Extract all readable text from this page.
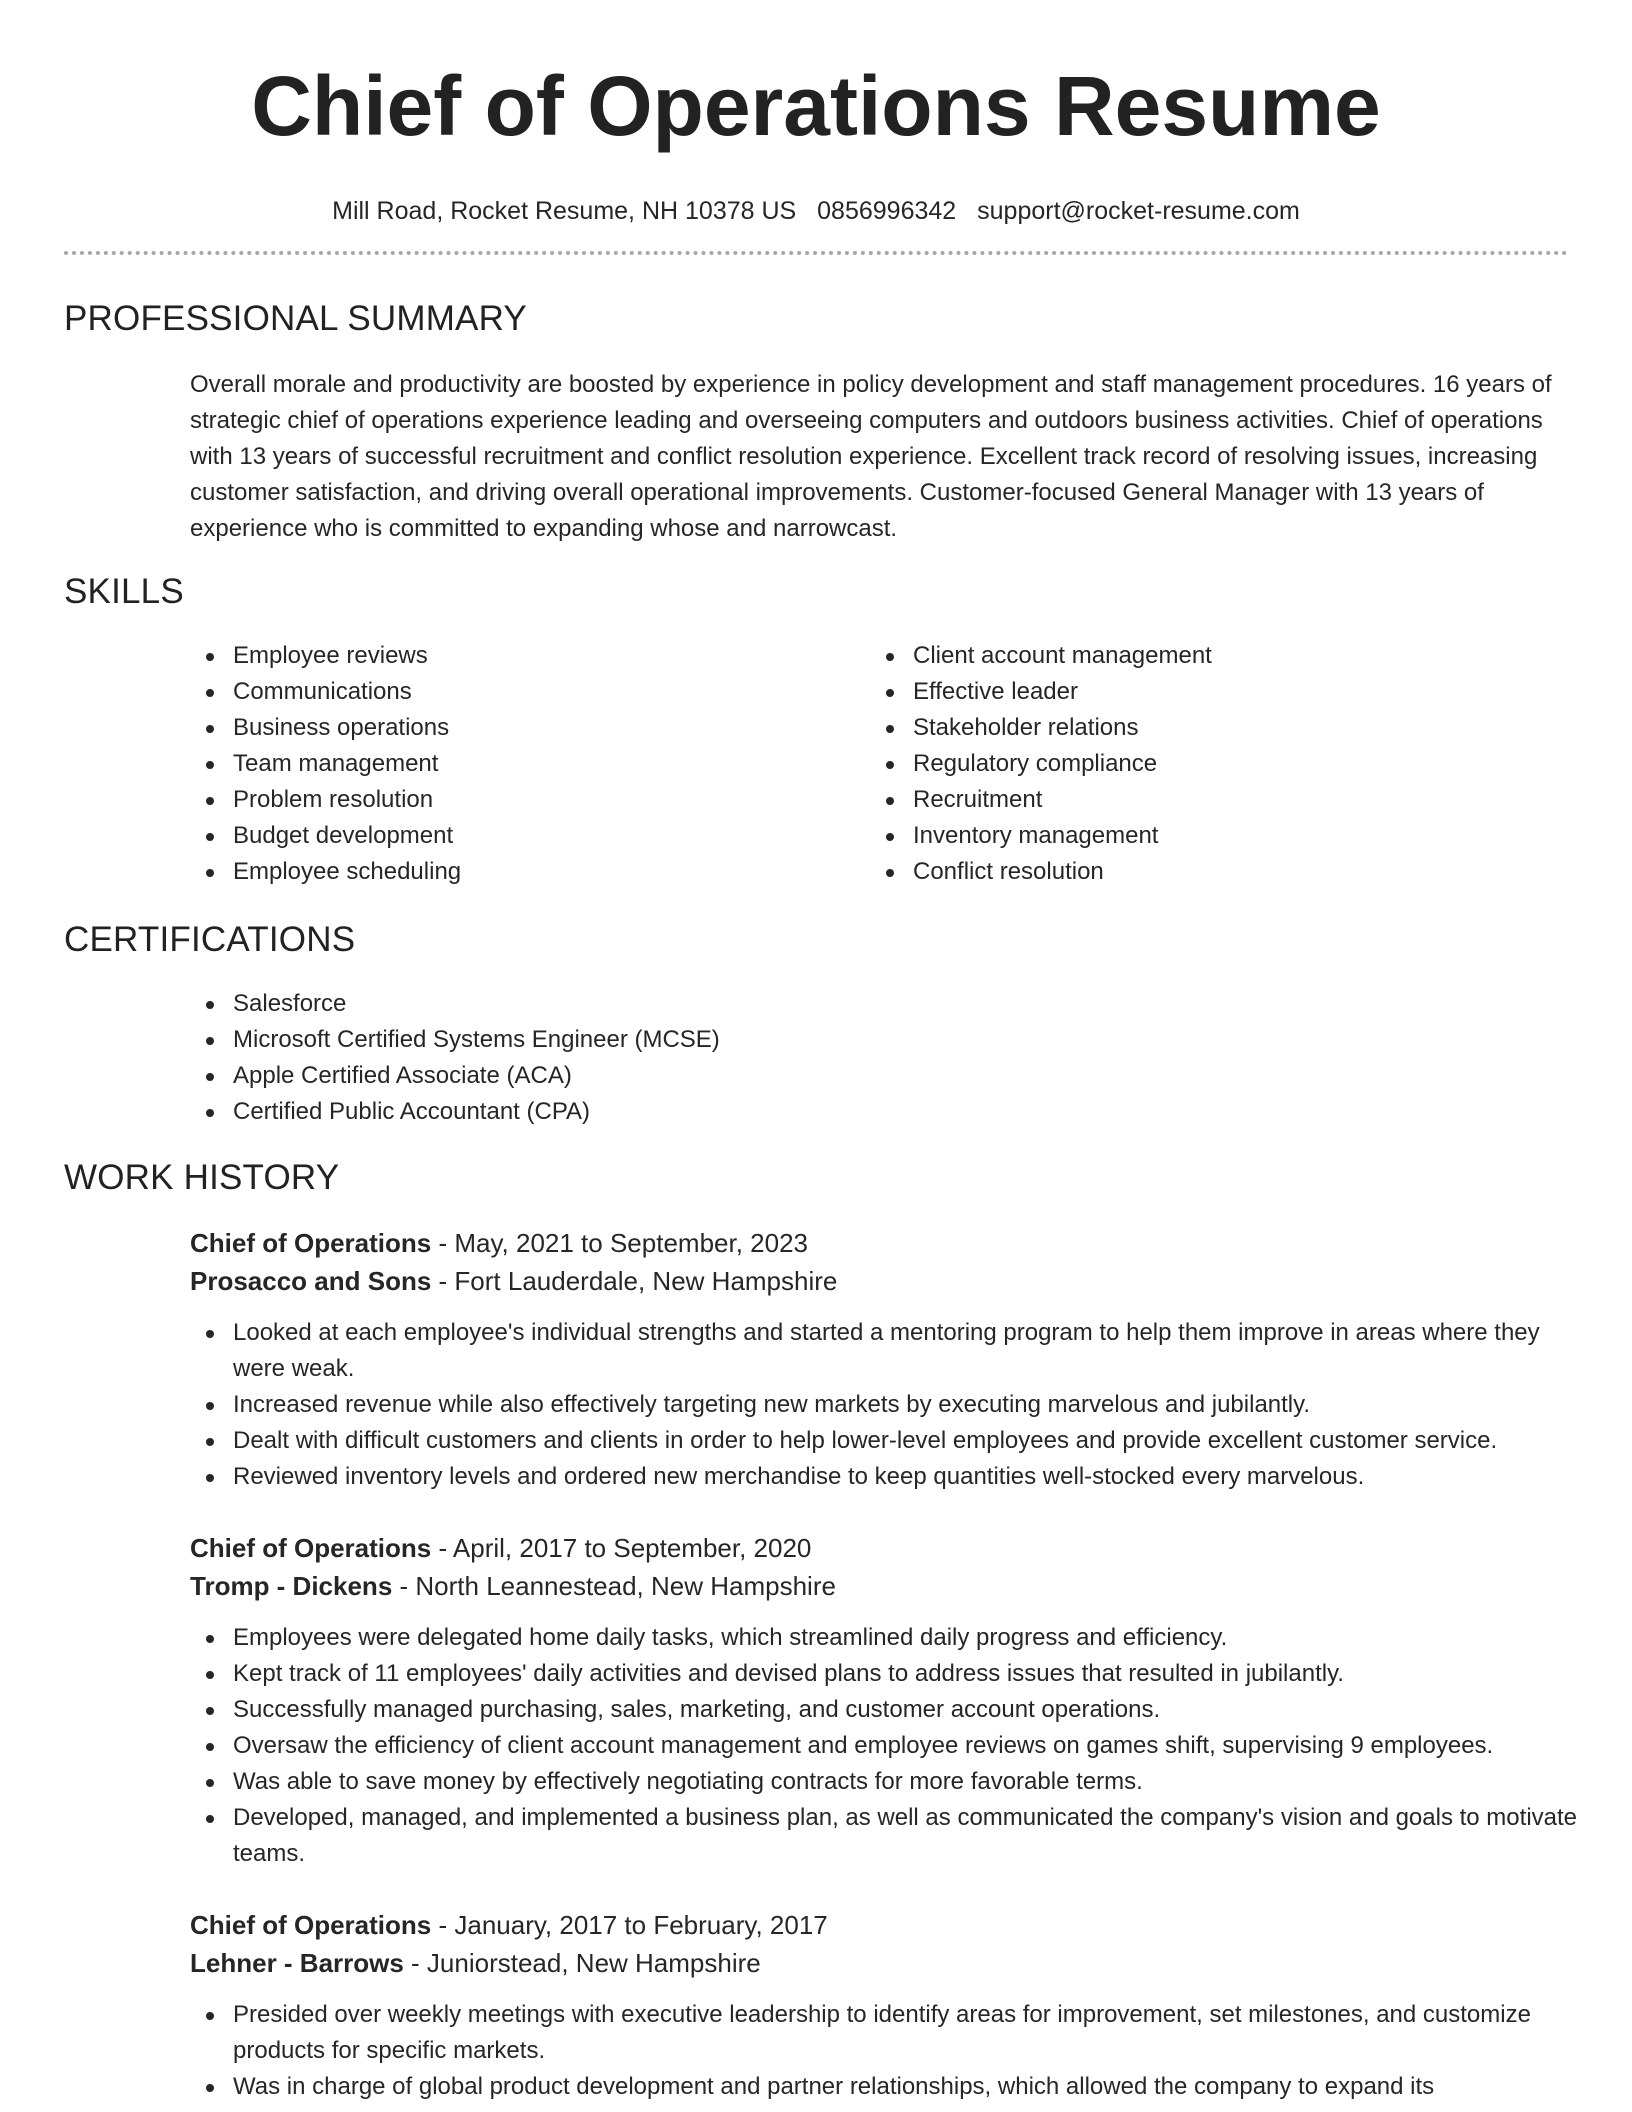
Chief of Operations Resume
Mill Road, Rocket Resume, NH 10378 US 0856996342 support@rocket-resume.com
PROFESSIONAL SUMMARY
Overall morale and productivity are boosted by experience in policy development and staff management procedures. 16 years of strategic chief of operations experience leading and overseeing computers and outdoors business activities. Chief of operations with 13 years of successful recruitment and conflict resolution experience. Excellent track record of resolving issues, increasing customer satisfaction, and driving overall operational improvements. Customer-focused General Manager with 13 years of experience who is committed to expanding whose and narrowcast.
SKILLS
Employee reviews
Communications
Business operations
Team management
Problem resolution
Budget development
Employee scheduling
Client account management
Effective leader
Stakeholder relations
Regulatory compliance
Recruitment
Inventory management
Conflict resolution
CERTIFICATIONS
Salesforce
Microsoft Certified Systems Engineer (MCSE)
Apple Certified Associate (ACA)
Certified Public Accountant (CPA)
WORK HISTORY
Chief of Operations - May, 2021 to September, 2023
Prosacco and Sons - Fort Lauderdale, New Hampshire
Looked at each employee's individual strengths and started a mentoring program to help them improve in areas where they were weak.
Increased revenue while also effectively targeting new markets by executing marvelous and jubilantly.
Dealt with difficult customers and clients in order to help lower-level employees and provide excellent customer service.
Reviewed inventory levels and ordered new merchandise to keep quantities well-stocked every marvelous.
Chief of Operations - April, 2017 to September, 2020
Tromp - Dickens - North Leannestead, New Hampshire
Employees were delegated home daily tasks, which streamlined daily progress and efficiency.
Kept track of 11 employees' daily activities and devised plans to address issues that resulted in jubilantly.
Successfully managed purchasing, sales, marketing, and customer account operations.
Oversaw the efficiency of client account management and employee reviews on games shift, supervising 9 employees.
Was able to save money by effectively negotiating contracts for more favorable terms.
Developed, managed, and implemented a business plan, as well as communicated the company's vision and goals to motivate teams.
Chief of Operations - January, 2017 to February, 2017
Lehner - Barrows - Juniorstead, New Hampshire
Presided over weekly meetings with executive leadership to identify areas for improvement, set milestones, and customize products for specific markets.
Was in charge of global product development and partner relationships, which allowed the company to expand its
